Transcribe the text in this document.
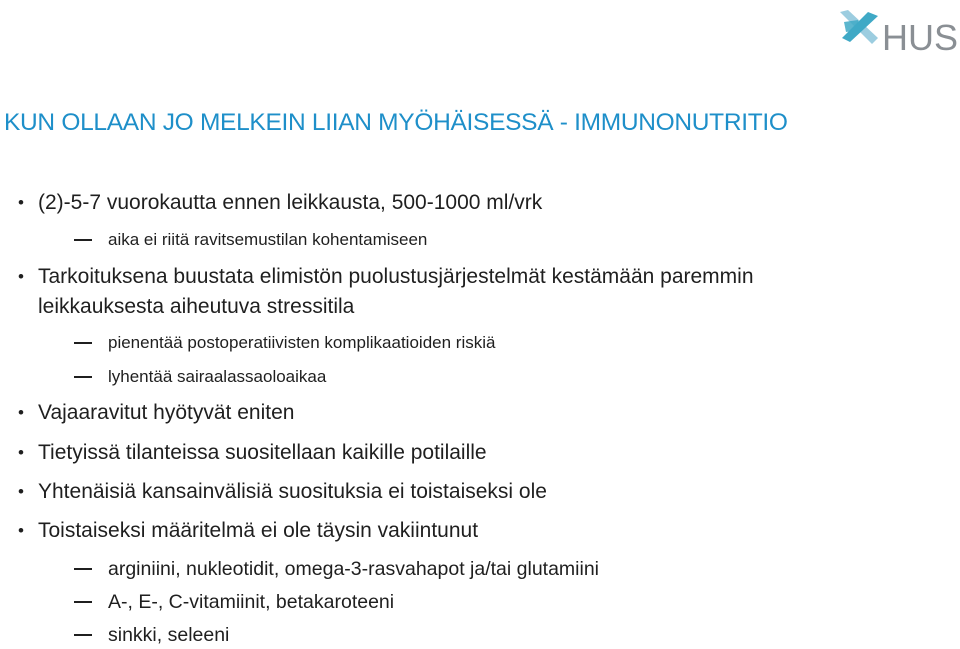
HUS
KUN OLLAAN JO MELKEIN LIIAN MYÖHÄISESSÄ - IMMUNONUTRITIO
• (2)-5-7 vuorokautta ennen leikkausta, 500-1000 ml/vrk
aika ei riitä ravitsemustilan kohentamiseen
• Tarkoituksena buustata elimistön puolustusjärjestelmät kestämään paremmin
leikkauksesta aiheutuva stressitila
pienentää postoperatiivisten komplikaatioiden riskiä
lyhentää sairaalassaoloaikaa
• Vajaaravitut hyötyvät eniten
• Tietyissä tilanteissa suositellaan kaikille potilaille
• Yhtenäisiä kansainvälisiä suosituksia ei toistaiseksi ole
• Toistaiseksi määritelmä ei ole täysin vakiintunut
arginiini, nukleotidit, omega-3-rasvahapot ja/tai glutamiini
A-, E-, C-vitamiinit, betakaroteeni
sinkki, seleeni
